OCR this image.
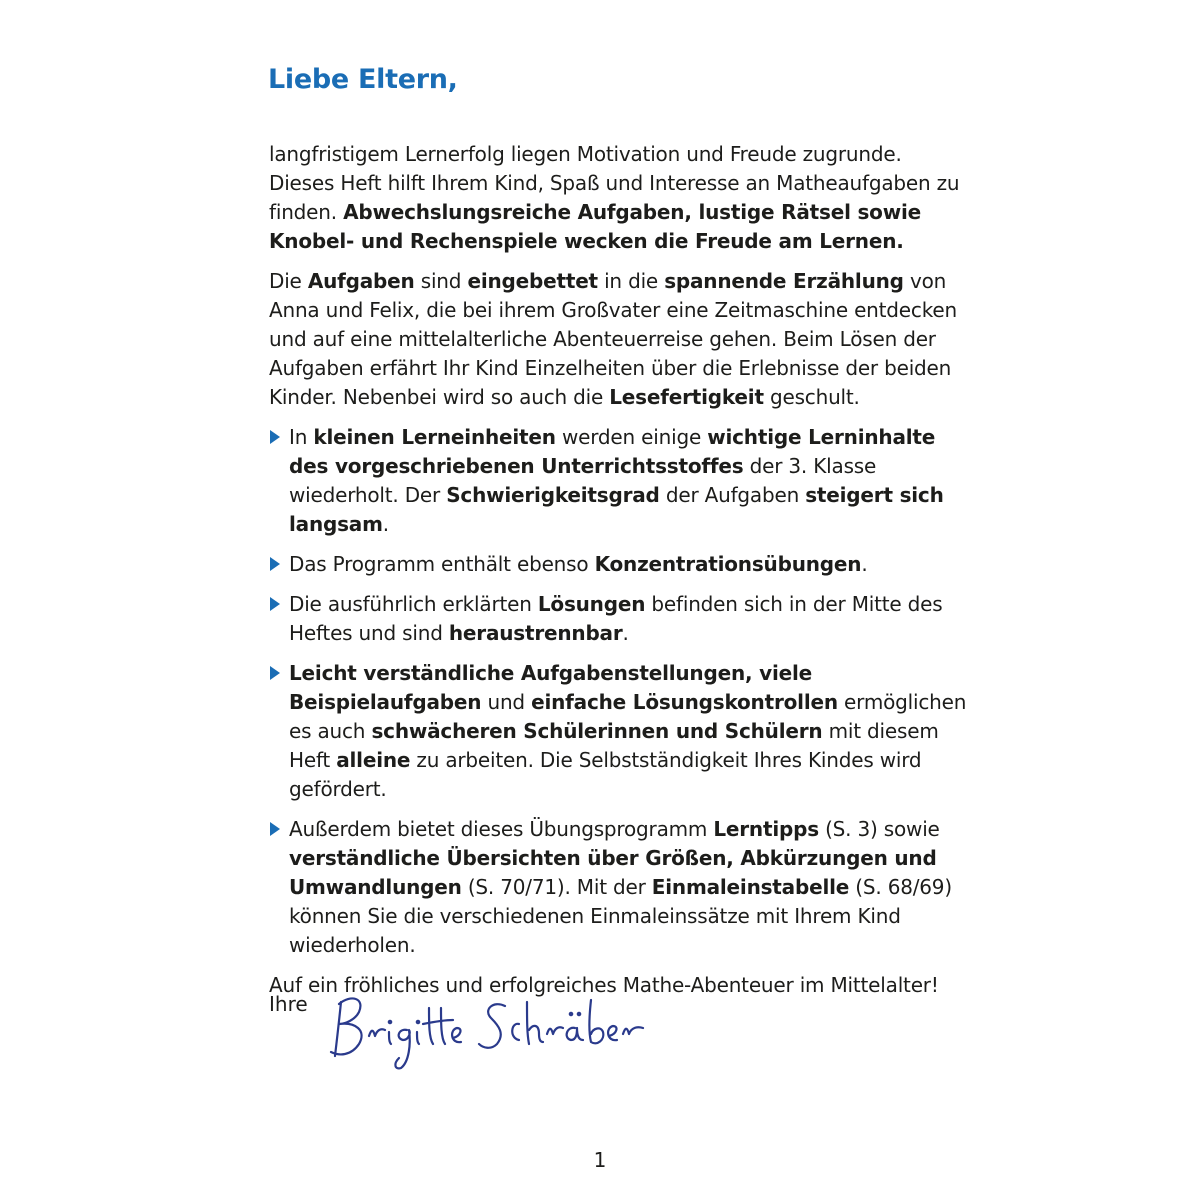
Liebe Eltern,

langfristigem Lernerfolg liegen Motivation und Freude zugrunde. Dieses Heft hilft Ihrem Kind, Spaß und Interesse an Matheaufgaben zu finden. Abwechslungsreiche Aufgaben, lustige Rätsel sowie Knobel- und Rechenspiele wecken die Freude am Lernen.

Die Aufgaben sind eingebettet in die spannende Erzählung von Anna und Felix, die bei ihrem Großvater eine Zeitmaschine entdecken und auf eine mittelalterliche Abenteuerreise gehen. Beim Lösen der Aufgaben erfährt Ihr Kind Einzelheiten über die Erlebnisse der beiden Kinder. Nebenbei wird so auch die Lesefertigkeit geschult.

In kleinen Lerneinheiten werden einige wichtige Lerninhalte des vorgeschriebenen Unterrichtsstoffes der 3. Klasse wiederholt. Der Schwierigkeitsgrad der Aufgaben steigert sich langsam.
Das Programm enthält ebenso Konzentrationsübungen.
Die ausführlich erklärten Lösungen befinden sich in der Mitte des Heftes und sind heraustrennbar.
Leicht verständliche Aufgabenstellungen, viele Beispielaufgaben und einfache Lösungskontrollen ermöglichen es auch schwächeren Schülerinnen und Schülern mit diesem Heft alleine zu arbeiten. Die Selbstständigkeit Ihres Kindes wird gefördert.
Außerdem bietet dieses Übungsprogramm Lerntipps (S. 3) sowie verständliche Übersichten über Größen, Abkürzungen und Umwandlungen (S. 70/71). Mit der Einmaleinstabelle (S. 68/69) können Sie die verschiedenen Einmaleinssätze mit Ihrem Kind wiederholen.

Auf ein fröhliches und erfolgreiches Mathe-Abenteuer im Mittelalter!

Ihre
1
